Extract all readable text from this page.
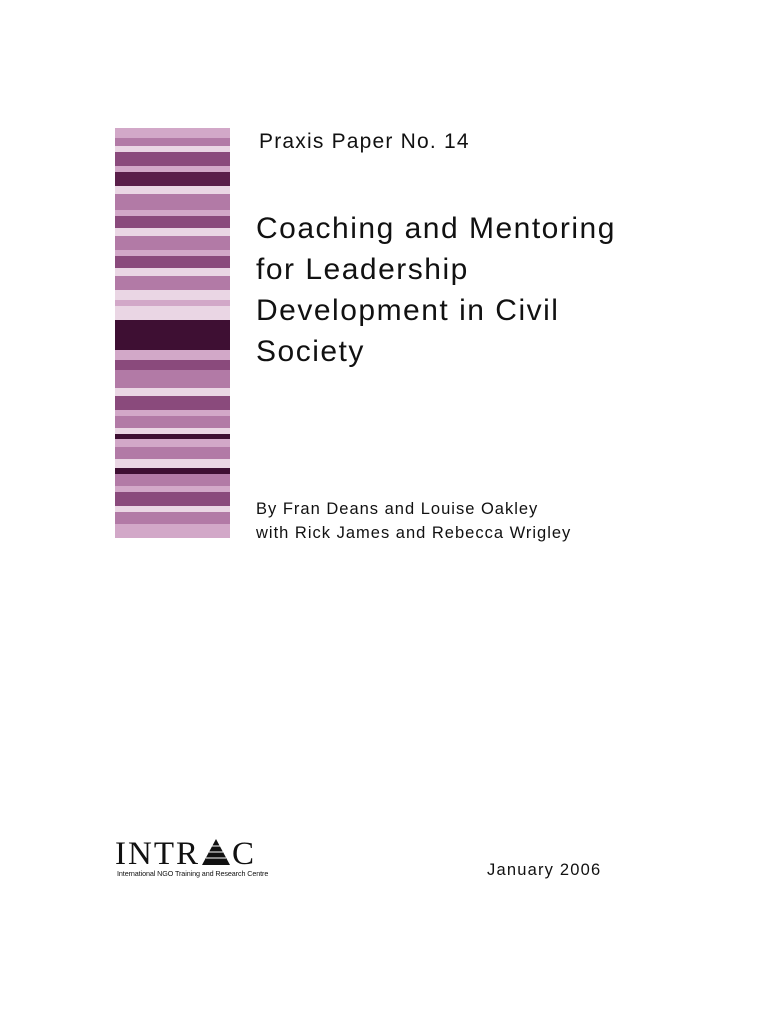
Praxis Paper No. 14
Coaching and Mentoring
for Leadership
Development in Civil
Society
By Fran Deans and Louise Oakley
with Rick James and Rebecca Wrigley
INTR C
International NGO Training and Research Centre	January 2006
